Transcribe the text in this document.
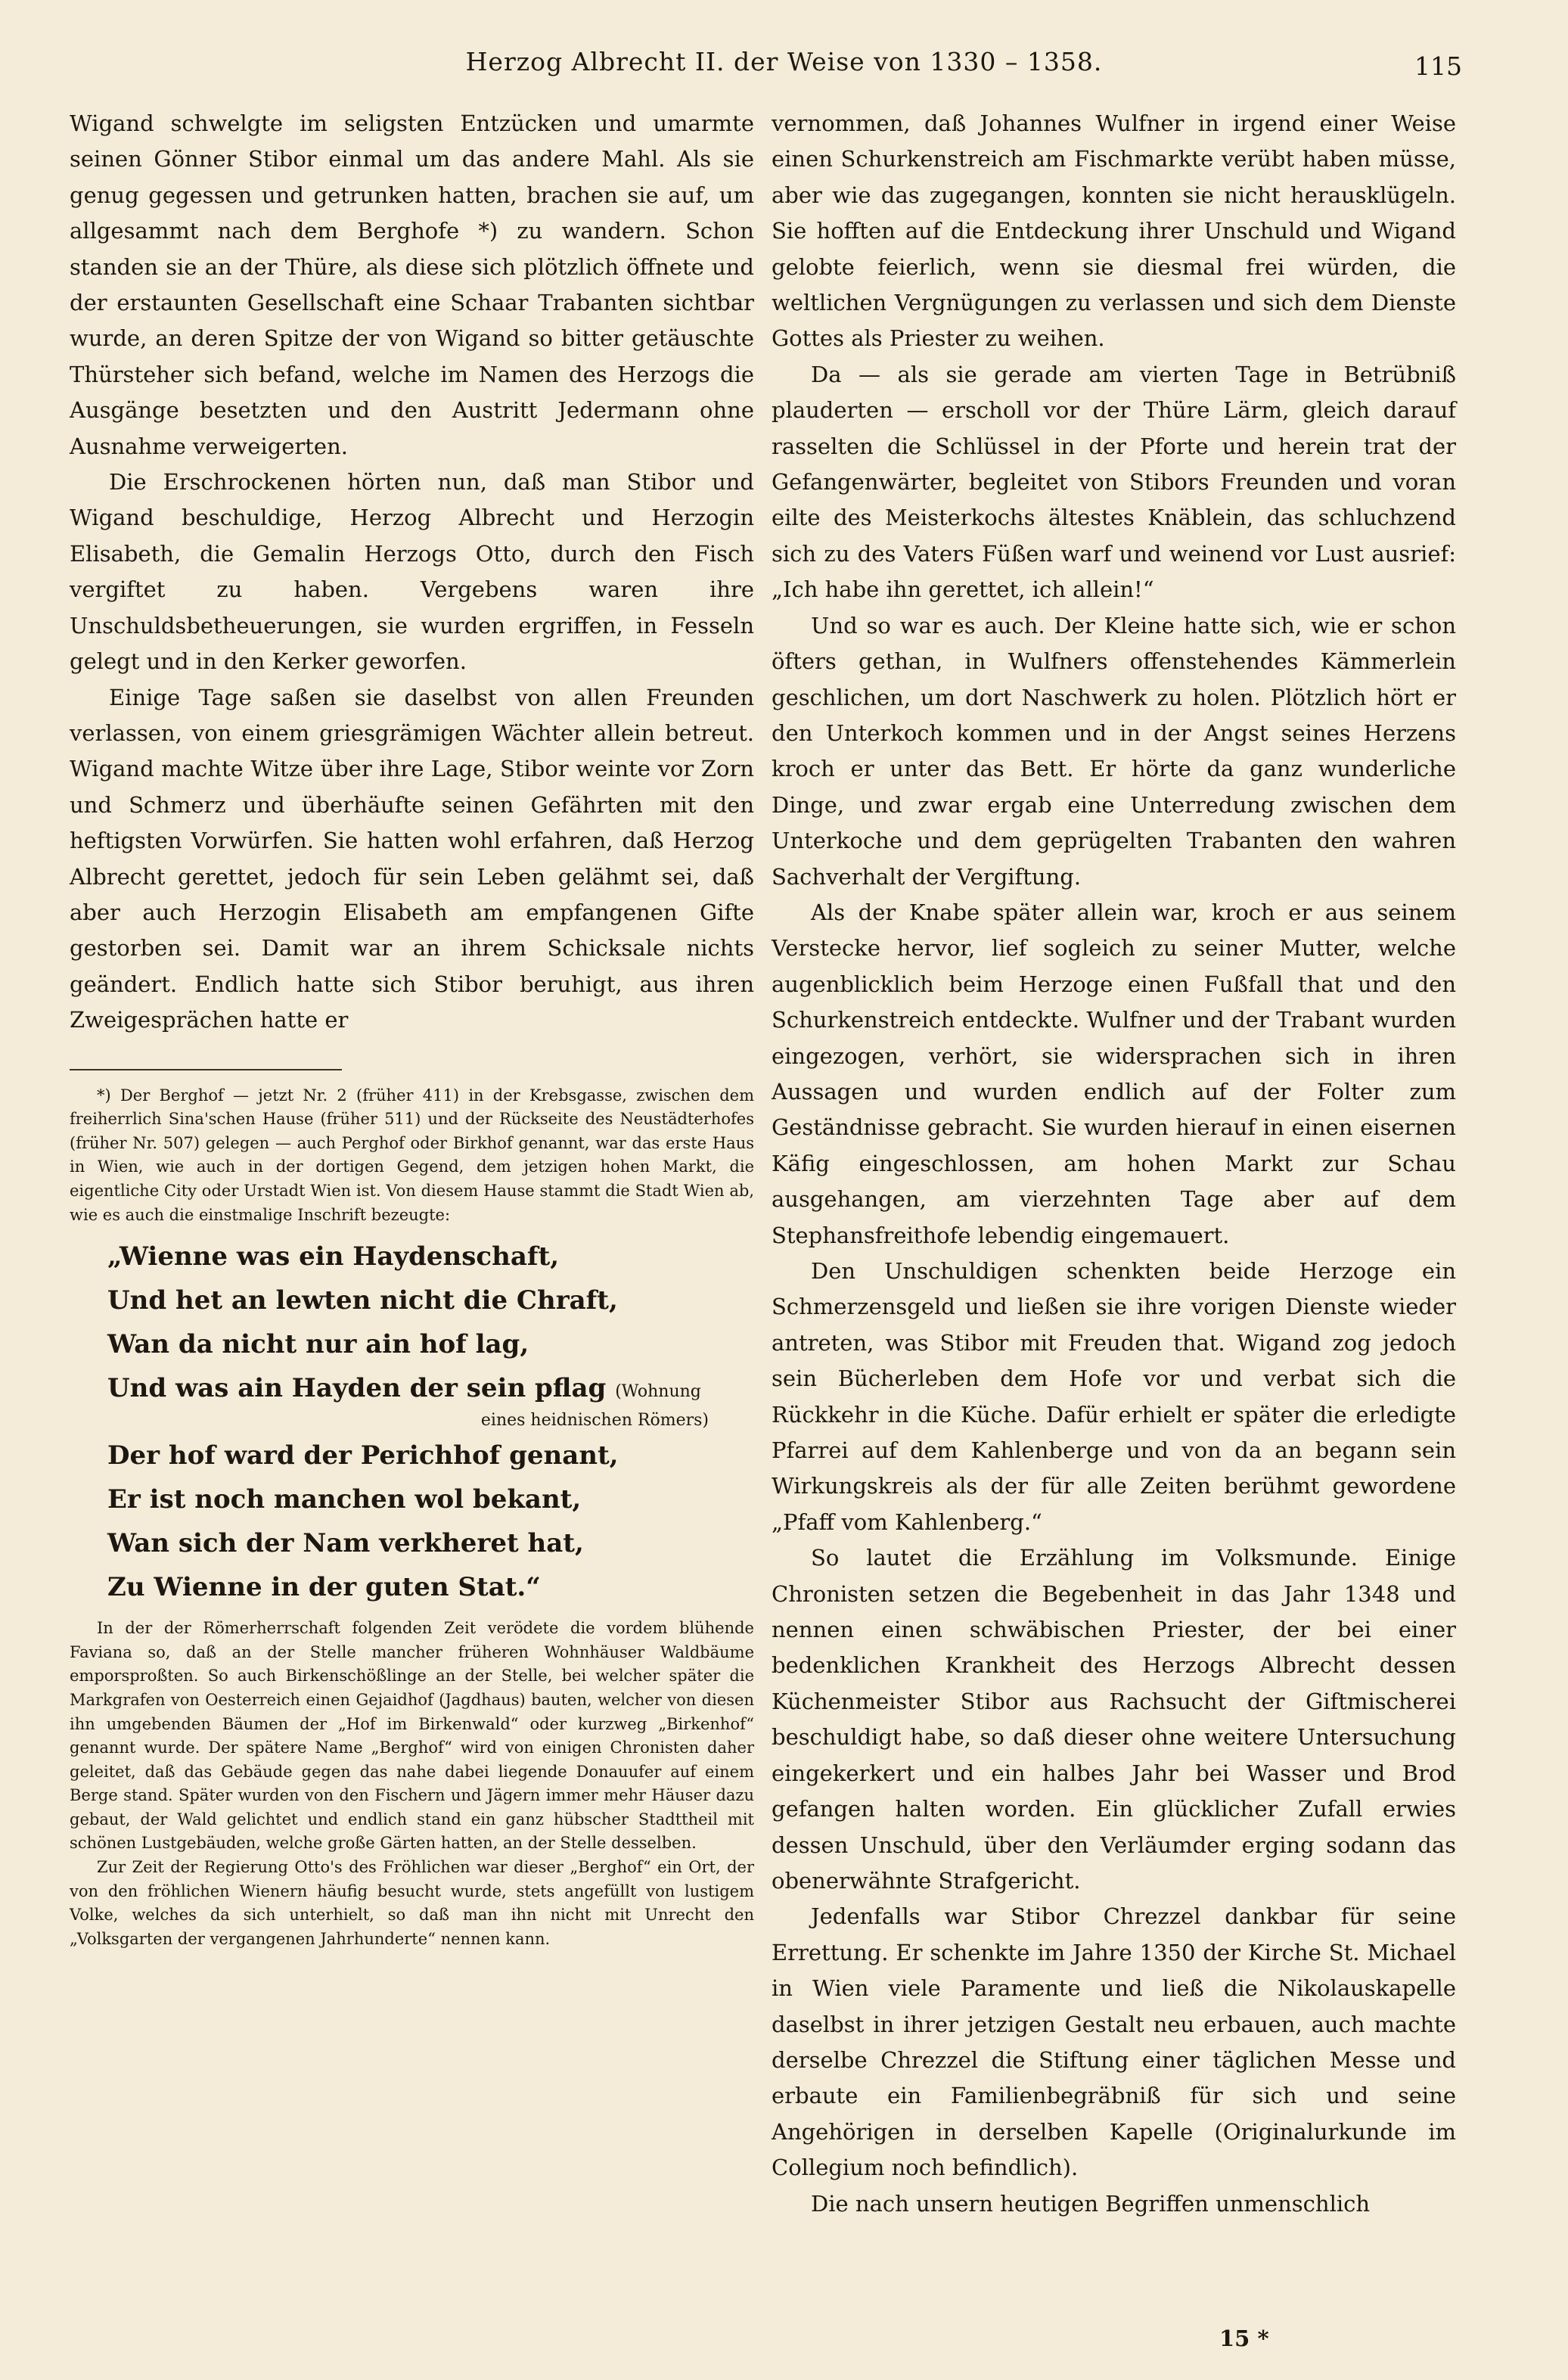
Herzog Albrecht II. der Weise von 1330 – 1358.	115

Wigand schwelgte im seligsten Entzücken und umarmte seinen Gönner Stibor einmal um das andere Mahl. Als sie genug gegessen und getrunken hatten, brachen sie auf, um allgesammt nach dem Berghofe *) zu wandern. Schon standen sie an der Thüre, als diese sich plötzlich öffnete und der erstaunten Gesellschaft eine Schaar Trabanten sichtbar wurde, an deren Spitze der von Wigand so bitter getäuschte Thürsteher sich befand, welche im Namen des Herzogs die Ausgänge besetzten und den Austritt Jedermann ohne Ausnahme verweigerten.

Die Erschrockenen hörten nun, daß man Stibor und Wigand beschuldige, Herzog Albrecht und Herzogin Elisabeth, die Gemalin Herzogs Otto, durch den Fisch vergiftet zu haben. Vergebens waren ihre Unschuldsbetheuerungen, sie wurden ergriffen, in Fesseln gelegt und in den Kerker geworfen.

Einige Tage saßen sie daselbst von allen Freunden verlassen, von einem griesgrämigen Wächter allein betreut. Wigand machte Witze über ihre Lage, Stibor weinte vor Zorn und Schmerz und überhäufte seinen Gefährten mit den heftigsten Vorwürfen. Sie hatten wohl erfahren, daß Herzog Albrecht gerettet, jedoch für sein Leben gelähmt sei, daß aber auch Herzogin Elisabeth am empfangenen Gifte gestorben sei. Damit war an ihrem Schicksale nichts geändert. Endlich hatte sich Stibor beruhigt, aus ihren Zweigesprächen hatte er

*) Der Berghof — jetzt Nr. 2 (früher 411) in der Krebsgasse, zwischen dem freiherrlich Sina'schen Hause (früher 511) und der Rückseite des Neustädterhofes (früher Nr. 507) gelegen — auch Perghof oder Birkhof genannt, war das erste Haus in Wien, wie auch in der dortigen Gegend, dem jetzigen hohen Markt, die eigentliche City oder Urstadt Wien ist. Von diesem Hause stammt die Stadt Wien ab, wie es auch die einstmalige Inschrift bezeugte:

„Wienne was ein Haydenschaft,
Und het an lewten nicht die Chraft,
Wan da nicht nur ain hof lag,
Und was ain Hayden der sein pflag (Wohnung
eines heidnischen Römers)
Der hof ward der Perichhof genant,
Er ist noch manchen wol bekant,
Wan sich der Nam verkheret hat,
Zu Wienne in der guten Stat.“

In der der Römerherrschaft folgenden Zeit verödete die vordem blühende Faviana so, daß an der Stelle mancher früheren Wohnhäuser Waldbäume emporsproßten. So auch Birkenschößlinge an der Stelle, bei welcher später die Markgrafen von Oesterreich einen Gejaidhof (Jagdhaus) bauten, welcher von diesen ihn umgebenden Bäumen der „Hof im Birkenwald“ oder kurzweg „Birkenhof“ genannt wurde. Der spätere Name „Berghof“ wird von einigen Chronisten daher geleitet, daß das Gebäude gegen das nahe dabei liegende Donauufer auf einem Berge stand. Später wurden von den Fischern und Jägern immer mehr Häuser dazu gebaut, der Wald gelichtet und endlich stand ein ganz hübscher Stadttheil mit schönen Lustgebäuden, welche große Gärten hatten, an der Stelle desselben.

Zur Zeit der Regierung Otto's des Fröhlichen war dieser „Berghof“ ein Ort, der von den fröhlichen Wienern häufig besucht wurde, stets angefüllt von lustigem Volke, welches da sich unterhielt, so daß man ihn nicht mit Unrecht den „Volksgarten der vergangenen Jahrhunderte“ nennen kann.

vernommen, daß Johannes Wulfner in irgend einer Weise einen Schurkenstreich am Fischmarkte verübt haben müsse, aber wie das zugegangen, konnten sie nicht herausklügeln. Sie hofften auf die Entdeckung ihrer Unschuld und Wigand gelobte feierlich, wenn sie diesmal frei würden, die weltlichen Vergnügungen zu verlassen und sich dem Dienste Gottes als Priester zu weihen.

Da — als sie gerade am vierten Tage in Betrübniß plauderten — erscholl vor der Thüre Lärm, gleich darauf rasselten die Schlüssel in der Pforte und herein trat der Gefangenwärter, begleitet von Stibors Freunden und voran eilte des Meisterkochs ältestes Knäblein, das schluchzend sich zu des Vaters Füßen warf und weinend vor Lust ausrief: „Ich habe ihn gerettet, ich allein!“

Und so war es auch. Der Kleine hatte sich, wie er schon öfters gethan, in Wulfners offenstehendes Kämmerlein geschlichen, um dort Naschwerk zu holen. Plötzlich hört er den Unterkoch kommen und in der Angst seines Herzens kroch er unter das Bett. Er hörte da ganz wunderliche Dinge, und zwar ergab eine Unterredung zwischen dem Unterkoche und dem geprügelten Trabanten den wahren Sachverhalt der Vergiftung.

Als der Knabe später allein war, kroch er aus seinem Verstecke hervor, lief sogleich zu seiner Mutter, welche augenblicklich beim Herzoge einen Fußfall that und den Schurkenstreich entdeckte. Wulfner und der Trabant wurden eingezogen, verhört, sie widersprachen sich in ihren Aussagen und wurden endlich auf der Folter zum Geständnisse gebracht. Sie wurden hierauf in einen eisernen Käfig eingeschlossen, am hohen Markt zur Schau ausgehangen, am vierzehnten Tage aber auf dem Stephansfreithofe lebendig eingemauert.

Den Unschuldigen schenkten beide Herzoge ein Schmerzensgeld und ließen sie ihre vorigen Dienste wieder antreten, was Stibor mit Freuden that. Wigand zog jedoch sein Bücherleben dem Hofe vor und verbat sich die Rückkehr in die Küche. Dafür erhielt er später die erledigte Pfarrei auf dem Kahlenberge und von da an begann sein Wirkungskreis als der für alle Zeiten berühmt gewordene „Pfaff vom Kahlenberg.“

So lautet die Erzählung im Volksmunde. Einige Chronisten setzen die Begebenheit in das Jahr 1348 und nennen einen schwäbischen Priester, der bei einer bedenklichen Krankheit des Herzogs Albrecht dessen Küchenmeister Stibor aus Rachsucht der Giftmischerei beschuldigt habe, so daß dieser ohne weitere Untersuchung eingekerkert und ein halbes Jahr bei Wasser und Brod gefangen halten worden. Ein glücklicher Zufall erwies dessen Unschuld, über den Verläumder erging sodann das obenerwähnte Strafgericht.

Jedenfalls war Stibor Chrezzel dankbar für seine Errettung. Er schenkte im Jahre 1350 der Kirche St. Michael in Wien viele Paramente und ließ die Nikolauskapelle daselbst in ihrer jetzigen Gestalt neu erbauen, auch machte derselbe Chrezzel die Stiftung einer täglichen Messe und erbaute ein Familienbegräbniß für sich und seine Angehörigen in derselben Kapelle (Originalurkunde im Collegium noch befindlich).

Die nach unsern heutigen Begriffen unmenschlich

15 *
